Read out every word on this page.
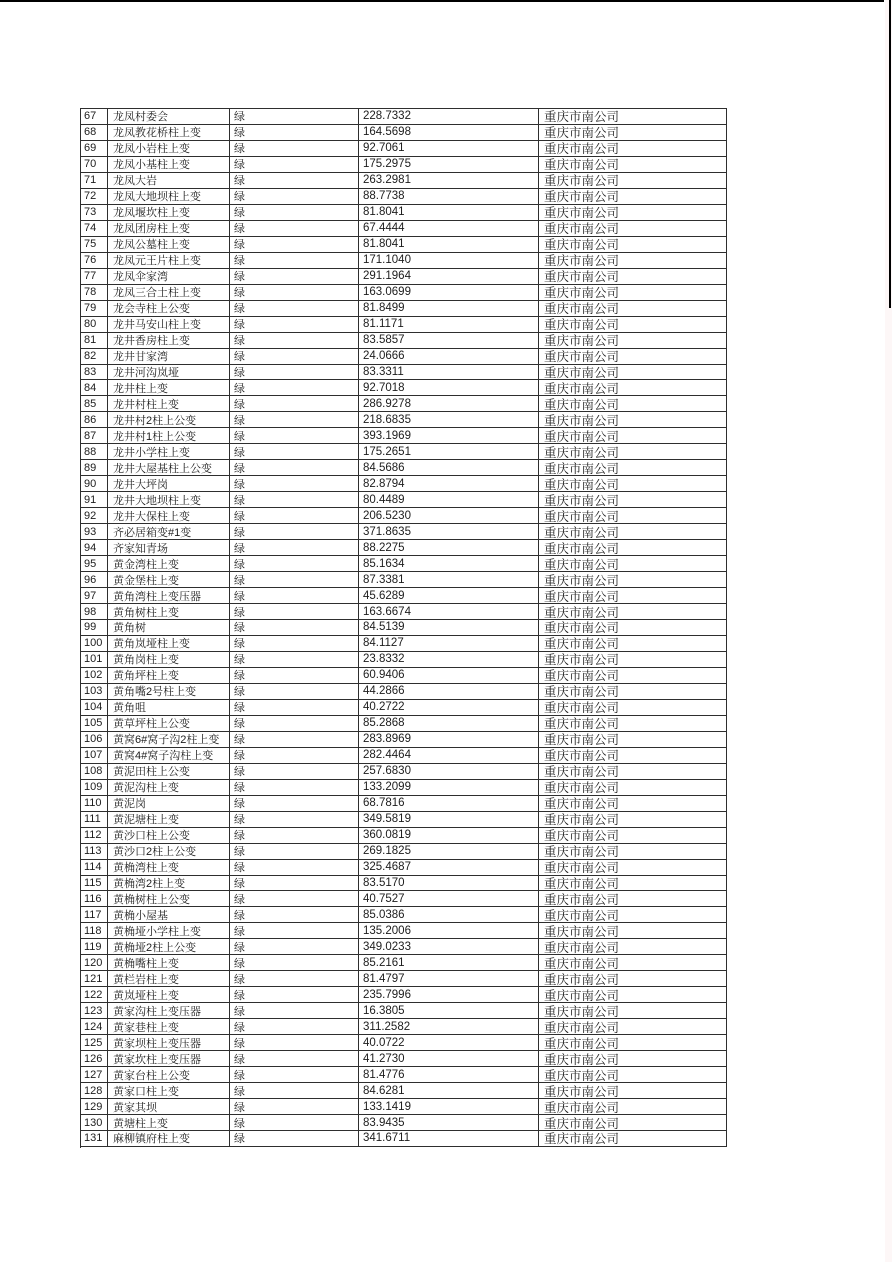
67	龙凤村委会	绿	228.7332	重庆市南公司
68	龙凤教花桥柱上变	绿	164.5698	重庆市南公司
69	龙凤小岩柱上变	绿	92.7061	重庆市南公司
70	龙凤小基柱上变	绿	175.2975	重庆市南公司
71	龙凤大岩	绿	263.2981	重庆市南公司
72	龙凤大地坝柱上变	绿	88.7738	重庆市南公司
73	龙凤堰坎柱上变	绿	81.8041	重庆市南公司
74	龙凤团房柱上变	绿	67.4444	重庆市南公司
75	龙凤公墓柱上变	绿	81.8041	重庆市南公司
76	龙凤元王片柱上变	绿	171.1040	重庆市南公司
77	龙凤伞家湾	绿	291.1964	重庆市南公司
78	龙凤三合土柱上变	绿	163.0699	重庆市南公司
79	龙会寺柱上公变	绿	81.8499	重庆市南公司
80	龙井马安山柱上变	绿	81.1171	重庆市南公司
81	龙井香房柱上变	绿	83.5857	重庆市南公司
82	龙井甘家湾	绿	24.0666	重庆市南公司
83	龙井河沟岚垭	绿	83.3311	重庆市南公司
84	龙井柱上变	绿	92.7018	重庆市南公司
85	龙井村柱上变	绿	286.9278	重庆市南公司
86	龙井村2柱上公变	绿	218.6835	重庆市南公司
87	龙井村1柱上公变	绿	393.1969	重庆市南公司
88	龙井小学柱上变	绿	175.2651	重庆市南公司
89	龙井大屋基柱上公变	绿	84.5686	重庆市南公司
90	龙井大坪岗	绿	82.8794	重庆市南公司
91	龙井大地坝柱上变	绿	80.4489	重庆市南公司
92	龙井大保柱上变	绿	206.5230	重庆市南公司
93	齐必居箱变#1变	绿	371.8635	重庆市南公司
94	齐家知青场	绿	88.2275	重庆市南公司
95	黄金湾柱上变	绿	85.1634	重庆市南公司
96	黄金堡柱上变	绿	87.3381	重庆市南公司
97	黄角湾柱上变压器	绿	45.6289	重庆市南公司
98	黄角树柱上变	绿	163.6674	重庆市南公司
99	黄角树	绿	84.5139	重庆市南公司
100 黄角岚垭柱上变	绿	84.1127	重庆市南公司
101 黄角岗柱上变	绿	23.8332	重庆市南公司
102 黄角坪柱上变	绿	60.9406	重庆市南公司
103 黄角嘴2号柱上变	绿	44.2866	重庆市南公司
104 黄角咀	绿	40.2722	重庆市南公司
105 黄草坪柱上公变	绿	85.2868	重庆市南公司
106 黄窝6#窝子沟2柱上变	绿	283.8969	重庆市南公司
107 黄窝4#窝子沟柱上变	绿	282.4464	重庆市南公司
108 黄泥田柱上公变	绿	257.6830	重庆市南公司
109 黄泥沟柱上变	绿	133.2099	重庆市南公司
110	黄泥岗	绿	68.7816	重庆市南公司
111	黄泥塘柱上变	绿	349.5819	重庆市南公司
112	黄沙口柱上公变	绿	360.0819	重庆市南公司
113	黄沙口2柱上公变	绿	269.1825	重庆市南公司
114	黄桷湾柱上变	绿	325.4687	重庆市南公司
115	黄桷湾2柱上变	绿	83.5170	重庆市南公司
116	黄桷树柱上公变	绿	40.7527	重庆市南公司
117	黄桷小屋基	绿	85.0386	重庆市南公司
118	黄桷垭小学柱上变	绿	135.2006	重庆市南公司
119	黄桷垭2柱上公变	绿	349.0233	重庆市南公司
120 黄桷嘴柱上变	绿	85.2161	重庆市南公司
121 黄栏岩柱上变	绿	81.4797	重庆市南公司
122 黄岚垭柱上变	绿	235.7996	重庆市南公司
123 黄家沟柱上变压器	绿	16.3805	重庆市南公司
124 黄家巷柱上变	绿	311.2582	重庆市南公司
125 黄家坝柱上变压器	绿	40.0722	重庆市南公司
126 黄家坎柱上变压器	绿	41.2730	重庆市南公司
127 黄家台柱上公变	绿	81.4776	重庆市南公司
128 黄家口柱上变	绿	84.6281	重庆市南公司
129 黄家其坝	绿	133.1419	重庆市南公司
130 黄塘柱上变	绿	83.9435	重庆市南公司
131 麻柳镇府柱上变	绿	341.6711	重庆市南公司
